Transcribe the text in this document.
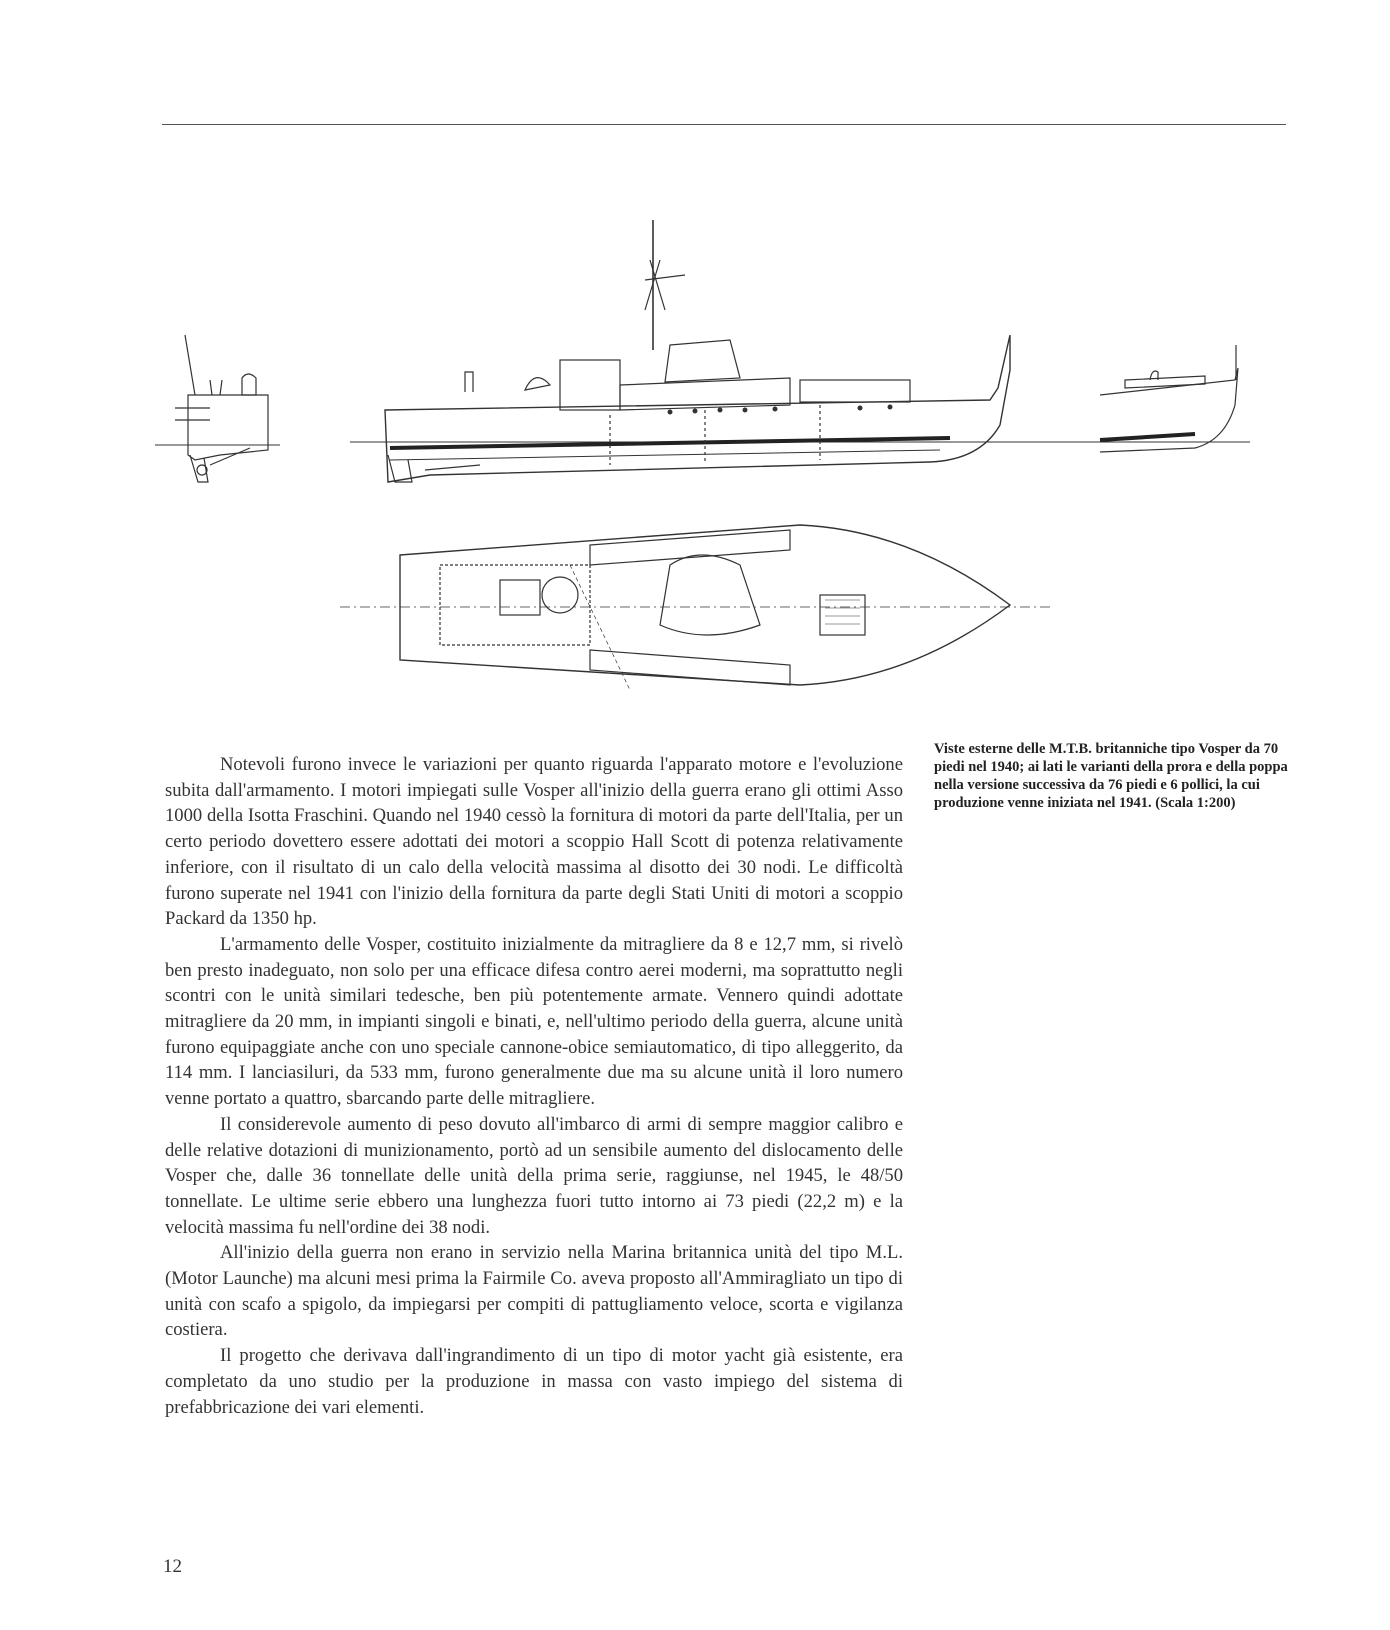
Viste esterne delle M.T.B. britanniche tipo Vosper da 70 piedi nel 1940; ai lati le varianti della prora e della poppa nella versione successiva da 76 piedi e 6 pollici, la cui produzione venne iniziata nel 1941. (Scala 1:200)

Notevoli furono invece le variazioni per quanto riguarda l'apparato motore e l'evoluzione subita dall'armamento. I motori impiegati sulle Vosper all'inizio della guerra erano gli ottimi Asso 1000 della Isotta Fraschini. Quando nel 1940 cessò la fornitura di motori da parte dell'Italia, per un certo periodo dovettero essere adottati dei motori a scoppio Hall Scott di potenza relativamente inferiore, con il risultato di un calo della velocità massima al disotto dei 30 nodi. Le difficoltà furono superate nel 1941 con l'inizio della fornitura da parte degli Stati Uniti di motori a scoppio Packard da 1350 hp.

L'armamento delle Vosper, costituito inizialmente da mitragliere da 8 e 12,7 mm, si rivelò ben presto inadeguato, non solo per una efficace difesa contro aerei moderni, ma soprattutto negli scontri con le unità similari tedesche, ben più potentemente armate. Vennero quindi adottate mitragliere da 20 mm, in impianti singoli e binati, e, nell'ultimo periodo della guerra, alcune unità furono equipaggiate anche con uno speciale cannone-obice semiautomatico, di tipo alleggerito, da 114 mm. I lanciasiluri, da 533 mm, furono generalmente due ma su alcune unità il loro numero venne portato a quattro, sbarcando parte delle mitragliere.

Il considerevole aumento di peso dovuto all'imbarco di armi di sempre maggior calibro e delle relative dotazioni di munizionamento, portò ad un sensibile aumento del dislocamento delle Vosper che, dalle 36 tonnellate delle unità della prima serie, raggiunse, nel 1945, le 48/50 tonnellate. Le ultime serie ebbero una lunghezza fuori tutto intorno ai 73 piedi (22,2 m) e la velocità massima fu nell'ordine dei 38 nodi.

All'inizio della guerra non erano in servizio nella Marina britannica unità del tipo M.L. (Motor Launche) ma alcuni mesi prima la Fairmile Co. aveva proposto all'Ammiragliato un tipo di unità con scafo a spigolo, da impiegarsi per compiti di pattugliamento veloce, scorta e vigilanza costiera.

Il progetto che derivava dall'ingrandimento di un tipo di motor yacht già esistente, era completato da uno studio per la produzione in massa con vasto impiego del sistema di prefabbricazione dei vari elementi.

12
